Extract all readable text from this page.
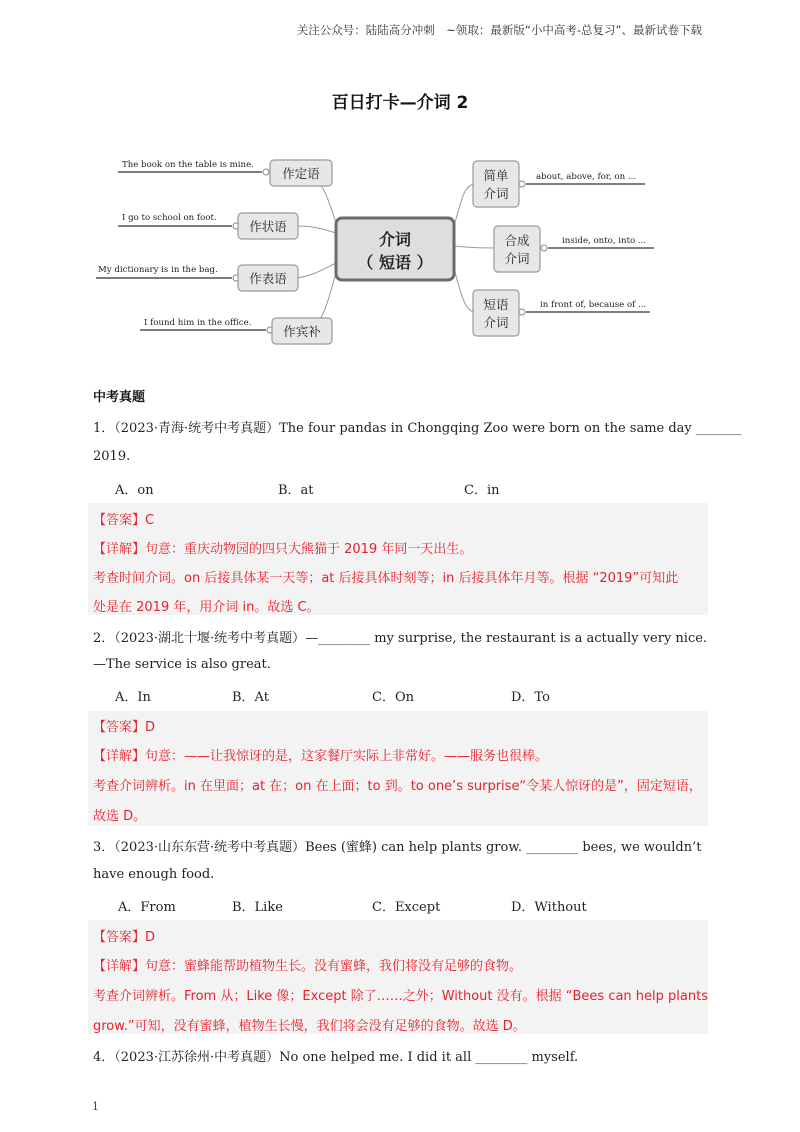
关注公众号：陆陆高分冲刺　~领取：最新版“小中高考-总复习”、最新试卷下载
百日打卡—介词 2
作定语
作状语
作表语
作宾补
The book on the table is mine.
I go to school on foot.
My dictionary is in the bag.
I found him in the office.
介词
（ 短语 ）
简单
介词
合成
介词
短语
介词
about, above, for, on ...
inside, onto, into ...
in front of, because of ...
中考真题
1．（2023·青海·统考中考真题）The four pandas in Chongqing Zoo were born on the same day _______
2019.
A．on	B．at	C．in
【答案】C
【详解】句意：重庆动物园的四只大熊猫于 2019 年同一天出生。
考查时间介词。on 后接具体某一天等；at 后接具体时刻等；in 后接具体年月等。根据 “2019”可知此
处是在 2019 年，用介词 in。故选 C。
2．（2023·湖北十堰·统考中考真题）—________ my surprise, the restaurant is a actually very nice.
—The service is also great.
A．In	B．At	C．On	D．To
【答案】D
【详解】句意：——让我惊讶的是，这家餐厅实际上非常好。——服务也很棒。
考查介词辨析。in 在里面；at 在；on 在上面；to 到。to one’s surprise“令某人惊讶的是”，固定短语，
故选 D。
3．（2023·山东东营·统考中考真题）Bees (蜜蜂) can help plants grow. ________ bees, we wouldn’t
have enough food.
A．From	B．Like	C．Except	D．Without
【答案】D
【详解】句意：蜜蜂能帮助植物生长。没有蜜蜂，我们将没有足够的食物。
考查介词辨析。From 从；Like 像；Except 除了……之外；Without 没有。根据 “Bees can help plants
grow.”可知，没有蜜蜂，植物生长慢，我们将会没有足够的食物。故选 D。
4．（2023·江苏徐州·中考真题）No one helped me. I did it all ________ myself.
1
